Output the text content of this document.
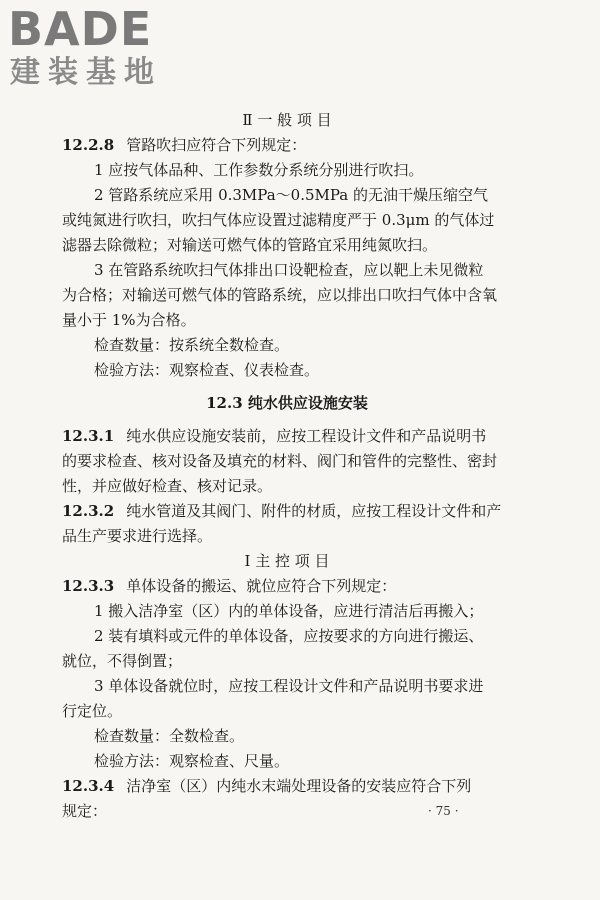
BADE
建装基地

Ⅱ 一 般 项 目

12.2.8 管路吹扫应符合下列规定：

1 应按气体品种、工作参数分系统分别进行吹扫。

2 管路系统应采用 0.3MPa～0.5MPa 的无油干燥压缩空气

或纯氮进行吹扫，吹扫气体应设置过滤精度严于 0.3μm 的气体过

滤器去除微粒；对输送可燃气体的管路宜采用纯氮吹扫。

3 在管路系统吹扫气体排出口设靶检查，应以靶上未见微粒

为合格；对输送可燃气体的管路系统，应以排出口吹扫气体中含氧

量小于 1%为合格。

检查数量：按系统全数检查。

检验方法：观察检查、仪表检查。

12.3 纯水供应设施安装

12.3.1 纯水供应设施安装前，应按工程设计文件和产品说明书

的要求检查、核对设备及填充的材料、阀门和管件的完整性、密封

性，并应做好检查、核对记录。

12.3.2 纯水管道及其阀门、附件的材质，应按工程设计文件和产

品生产要求进行选择。

Ⅰ 主 控 项 目

12.3.3 单体设备的搬运、就位应符合下列规定：

1 搬入洁净室（区）内的单体设备，应进行清洁后再搬入；

2 装有填料或元件的单体设备，应按要求的方向进行搬运、

就位，不得倒置；

3 单体设备就位时，应按工程设计文件和产品说明书要求进

行定位。

检查数量：全数检查。

检验方法：观察检查、尺量。

12.3.4 洁净室（区）内纯水末端处理设备的安装应符合下列

规定：	· 75 ·
